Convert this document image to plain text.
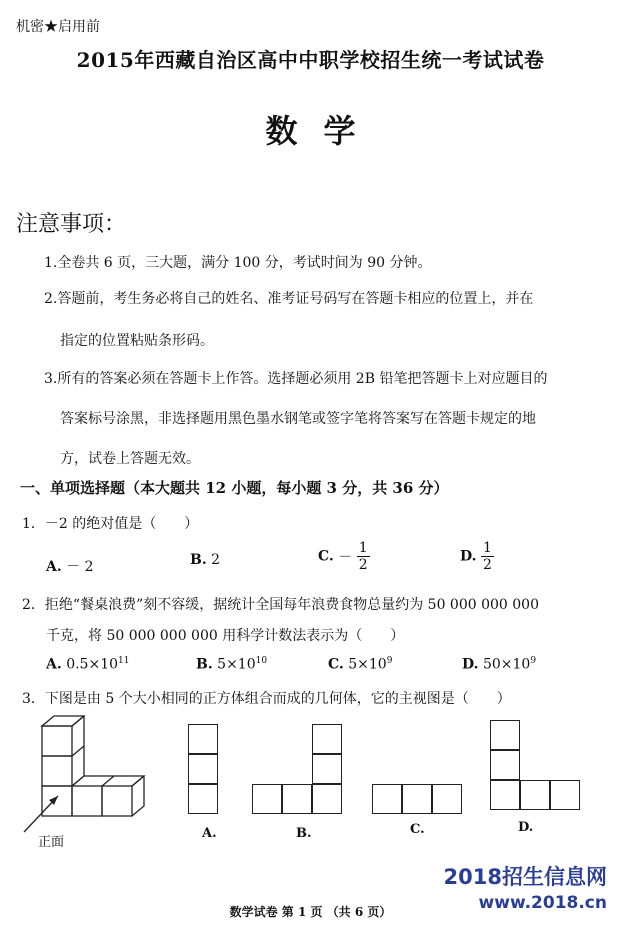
机密★启用前
2015年西藏自治区高中中职学校招生统一考试试卷
数学
注意事项：
1.全卷共 6 页，三大题，满分 100 分，考试时间为 90 分钟。
2.答题前，考生务必将自己的姓名、准考证号码写在答题卡相应的位置上，并在
指定的位置粘贴条形码。
3.所有的答案必须在答题卡上作答。选择题必须用 2B 铅笔把答题卡上对应题目的
答案标号涂黑，非选择题用黑色墨水钢笔或签字笔将答案写在答题卡规定的地
方，试卷上答题无效。
一、单项选择题（本大题共 12 小题，每小题 3 分，共 36 分）
1．－2 的绝对值是（　　）
A. － 2	B. 2	C. － $\frac{1}{2}$	D. $\frac{1}{2}$
2．拒绝“餐桌浪费”刻不容缓，据统计全国每年浪费食物总量约为 50 000 000 000
千克，将 50 000 000 000 用科学计数法表示为（　　）
A. $0.5\times 10^{11}$	B. $5\times 10^{10}$	C. $5\times 10^9$	D. $50\times 10^9$
3．下图是由 5 个大小相同的正方体组合而成的几何体，它的主视图是（　　）
正面
A.	B.	C.	D.
2018招生信息网
www.2018.cn
数学试卷 第 1 页 （共 6 页）
